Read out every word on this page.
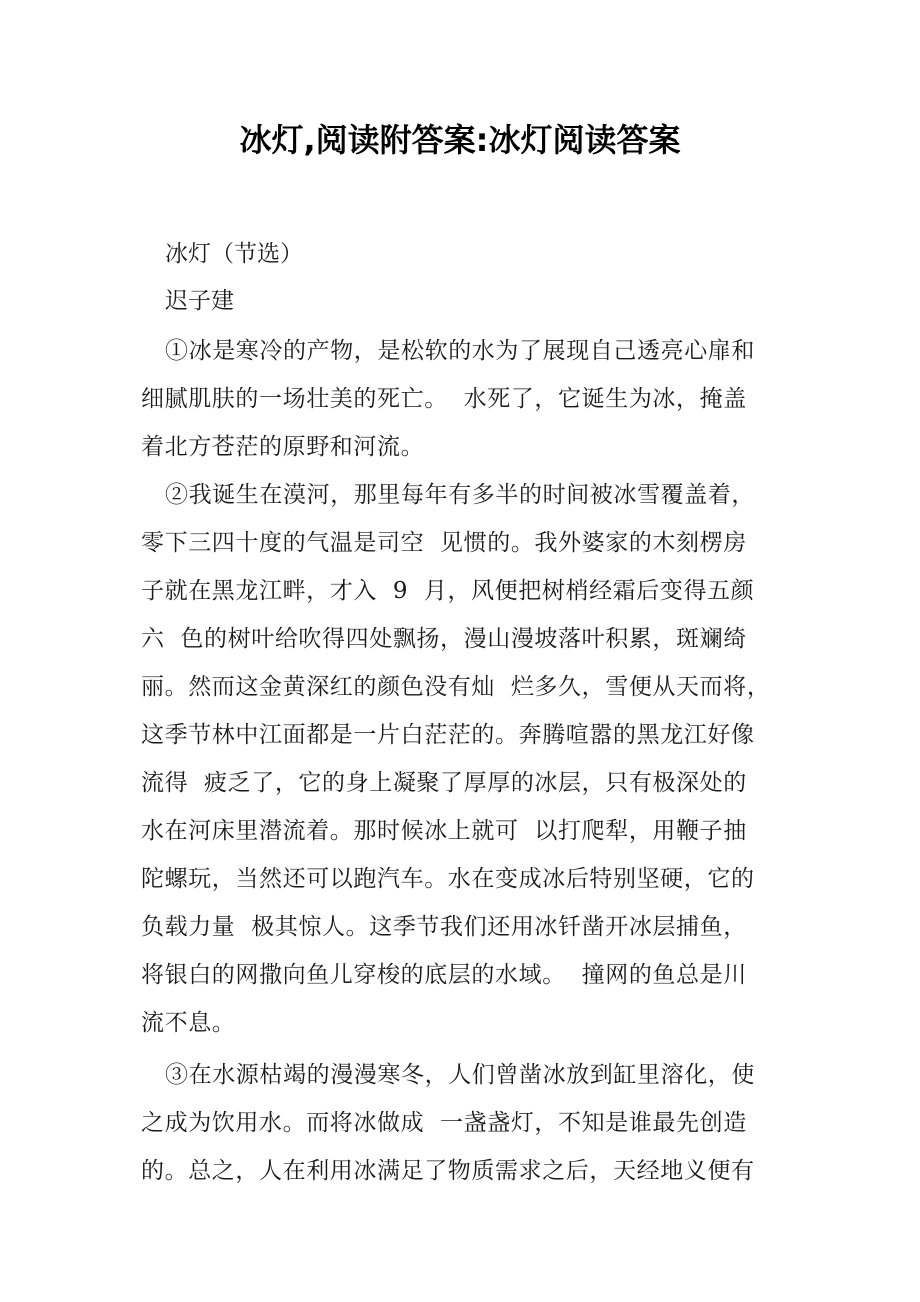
冰灯,阅读附答案:冰灯阅读答案
冰灯（节选）
迟子建
①冰是寒冷的产物，是松软的水为了展现自己透亮心扉和
细腻肌肤的一场壮美的死亡。  水死了，它诞生为冰，掩盖
着北方苍茫的原野和河流。
②我诞生在漠河，那里每年有多半的时间被冰雪覆盖着，
零下三四十度的气温是司空  见惯的。我外婆家的木刻楞房
子就在黑龙江畔，才入  9  月，风便把树梢经霜后变得五颜
六  色的树叶给吹得四处飘扬，漫山漫坡落叶积累，斑斓绮
丽。然而这金黄深红的颜色没有灿  烂多久，雪便从天而将，
这季节林中江面都是一片白茫茫的。奔腾喧嚣的黑龙江好像
流得  疲乏了，它的身上凝聚了厚厚的冰层，只有极深处的
水在河床里潜流着。那时候冰上就可  以打爬犁，用鞭子抽
陀螺玩，当然还可以跑汽车。水在变成冰后特别坚硬，它的
负载力量  极其惊人。这季节我们还用冰钎凿开冰层捕鱼，
将银白的网撒向鱼儿穿梭的底层的水域。  撞网的鱼总是川
流不息。
③在水源枯竭的漫漫寒冬，人们曾凿冰放到缸里溶化，使
之成为饮用水。而将冰做成  一盏盏灯，不知是谁最先创造
的。总之，人在利用冰满足了物质需求之后，天经地义便有
